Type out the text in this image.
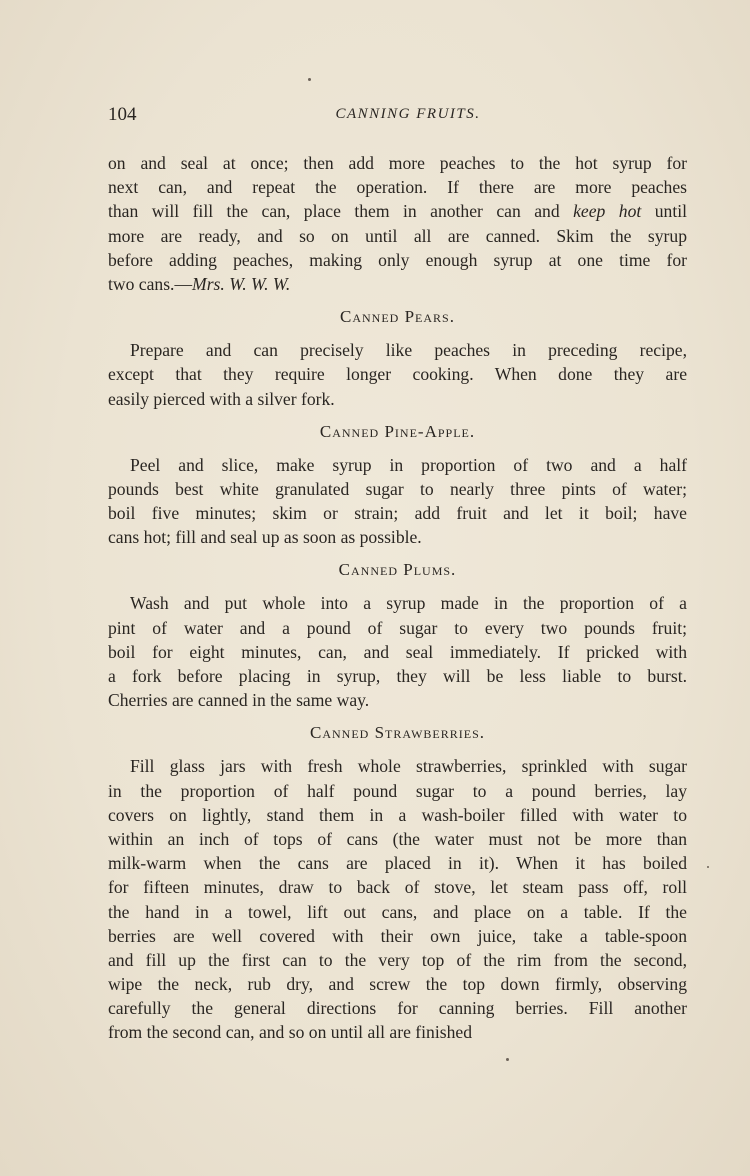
104	CANNING FRUITS.
on and seal at once; then add more peaches to the hot syrup for
next can, and repeat the operation. If there are more peaches
than will fill the can, place them in another can and keep hot until
more are ready, and so on until all are canned. Skim the syrup
before adding peaches, making only enough syrup at one time for
two cans.—Mrs. W. W. W.
Canned Pears.
Prepare and can precisely like peaches in preceding recipe,
except that they require longer cooking. When done they are
easily pierced with a silver fork.
Canned Pine-Apple.
Peel and slice, make syrup in proportion of two and a half
pounds best white granulated sugar to nearly three pints of water;
boil five minutes; skim or strain; add fruit and let it boil; have
cans hot; fill and seal up as soon as possible.
Canned Plums.
Wash and put whole into a syrup made in the proportion of a
pint of water and a pound of sugar to every two pounds fruit;
boil for eight minutes, can, and seal immediately. If pricked with
a fork before placing in syrup, they will be less liable to burst.
Cherries are canned in the same way.
Canned Strawberries.
Fill glass jars with fresh whole strawberries, sprinkled with sugar
in the proportion of half pound sugar to a pound berries, lay
covers on lightly, stand them in a wash-boiler filled with water to
within an inch of tops of cans (the water must not be more than
milk-warm when the cans are placed in it). When it has boiled
for fifteen minutes, draw to back of stove, let steam pass off, roll
the hand in a towel, lift out cans, and place on a table. If the
berries are well covered with their own juice, take a table-spoon
and fill up the first can to the very top of the rim from the second,
wipe the neck, rub dry, and screw the top down firmly, observing
carefully the general directions for canning berries. Fill another
from the second can, and so on until all are finished
